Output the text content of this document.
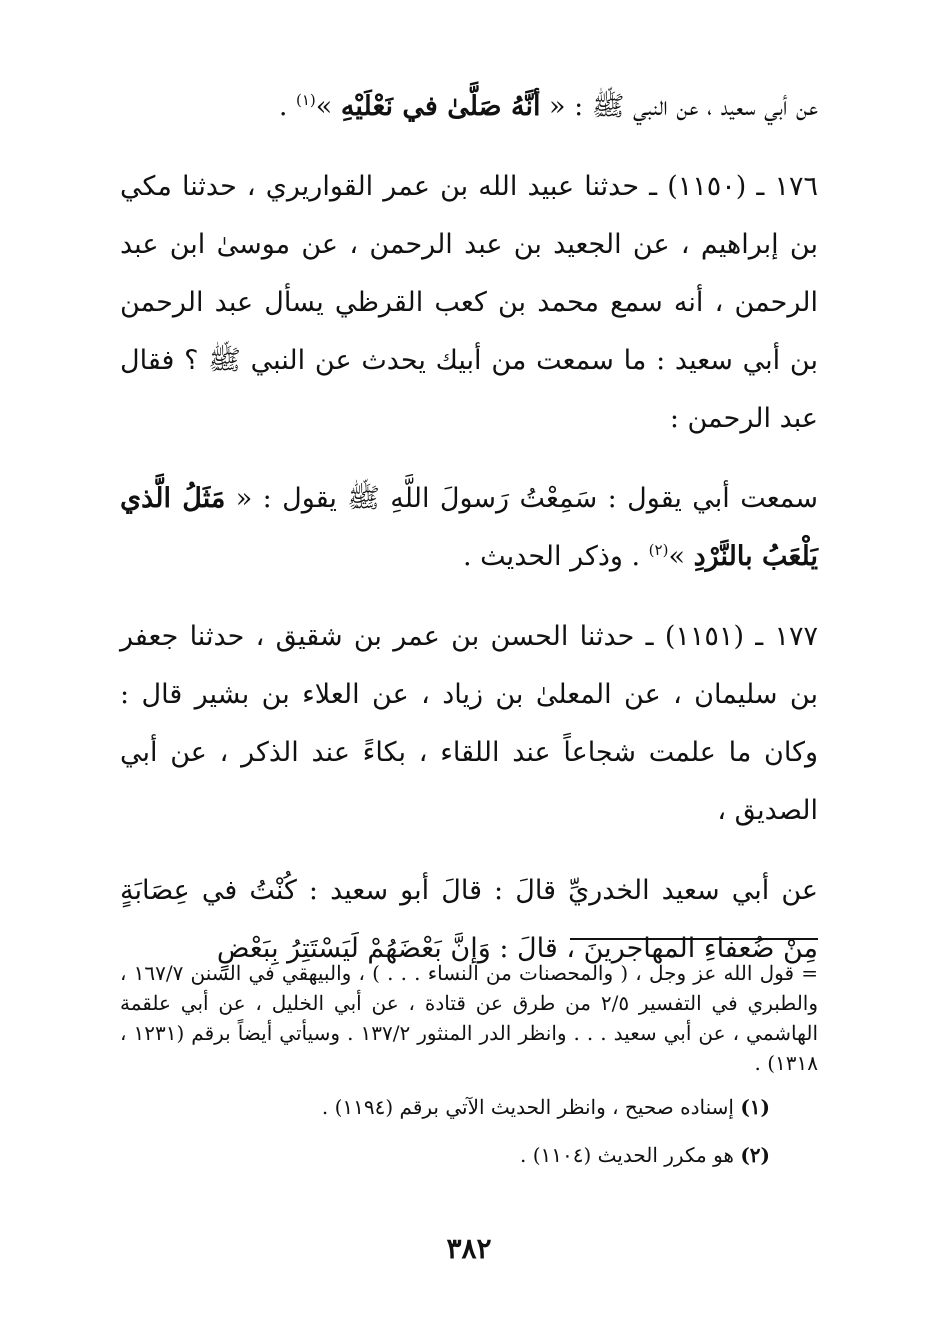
عن أبي سعيد ، عن النبي ﷺ : « أنَّهُ صَلَّىٰ في نَعْلَيْهِ »$^{(١)}$ .

١٧٦ ـ (١١٥٠) ـ حدثنا عبيد الله بن عمر القواريري ، حدثنا مكي بن إبراهيم ، عن الجعيد بن عبد الرحمن ، عن موسىٰ ابن عبد الرحمن ، أنه سمع محمد بن كعب القرظي يسأل عبد الرحمن بن أبي سعيد : ما سمعت من أبيك يحدث عن النبي ﷺ ؟ فقال عبد الرحمن :

سمعت أبي يقول : سَمِعْتُ رَسولَ اللَّهِ ﷺ يقول : « مَثَلُ الَّذي يَلْعَبُ بالنَّرْدِ »$^{(٢)}$ . وذكر الحديث .

١٧٧ ـ (١١٥١) ـ حدثنا الحسن بن عمر بن شقيق ، حدثنا جعفر بن سليمان ، عن المعلىٰ بن زياد ، عن العلاء بن بشير قال : وكان ما علمت شجاعاً عند اللقاء ، بكاءً عند الذكر ، عن أبي الصديق ،

عن أبي سعيد الخدريِّ قالَ : قالَ أبو سعيد : كُنْتُ في عِصَابَةٍ مِنْ ضُعفاءِ المهاجرينَ ، قالَ : وَإنَّ بَعْضَهُمْ لَيَسْتَتِرُ بِبَعْضٍ

= قول الله عز وجل ، ( والمحصنات من النساء . . . ) ، والبيهقي في السنن ١٦٧/٧ ، والطبري في التفسير ٢/٥ من طرق عن قتادة ، عن أبي الخليل ، عن أبي علقمة الهاشمي ، عن أبي سعيد . . . وانظر الدر المنثور ١٣٧/٢ . وسيأتي أيضاً برقم (١٢٣١ ، ١٣١٨) .

(١) إسناده صحيح ، وانظر الحديث الآتي برقم (١١٩٤) .

(٢) هو مكرر الحديث (١١٠٤) .

٣٨٢
